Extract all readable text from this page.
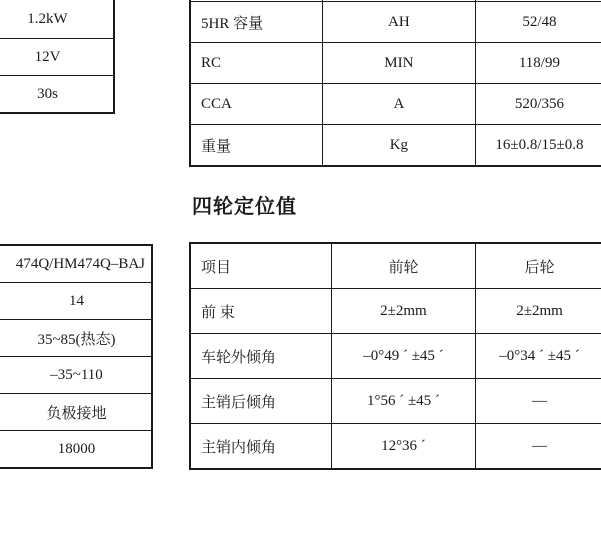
1.2kW
12V
30s

5HR 容量	AH	52/48
RC	MIN	118/99
CCA	A	520/356
重量	Kg	16±0.8/15±0.8
四轮定位值
474Q/HM474Q–BAJ
14
35~85(热态)
–35~110
负极接地
18000
项目	前轮	后轮
前 束	2±2mm	2±2mm
车轮外倾角	–0°49 ˊ ±45 ˊ	–0°34 ˊ ±45 ˊ
主销后倾角	1°56 ˊ ±45 ˊ	––
主销内倾角	12°36 ˊ	––
